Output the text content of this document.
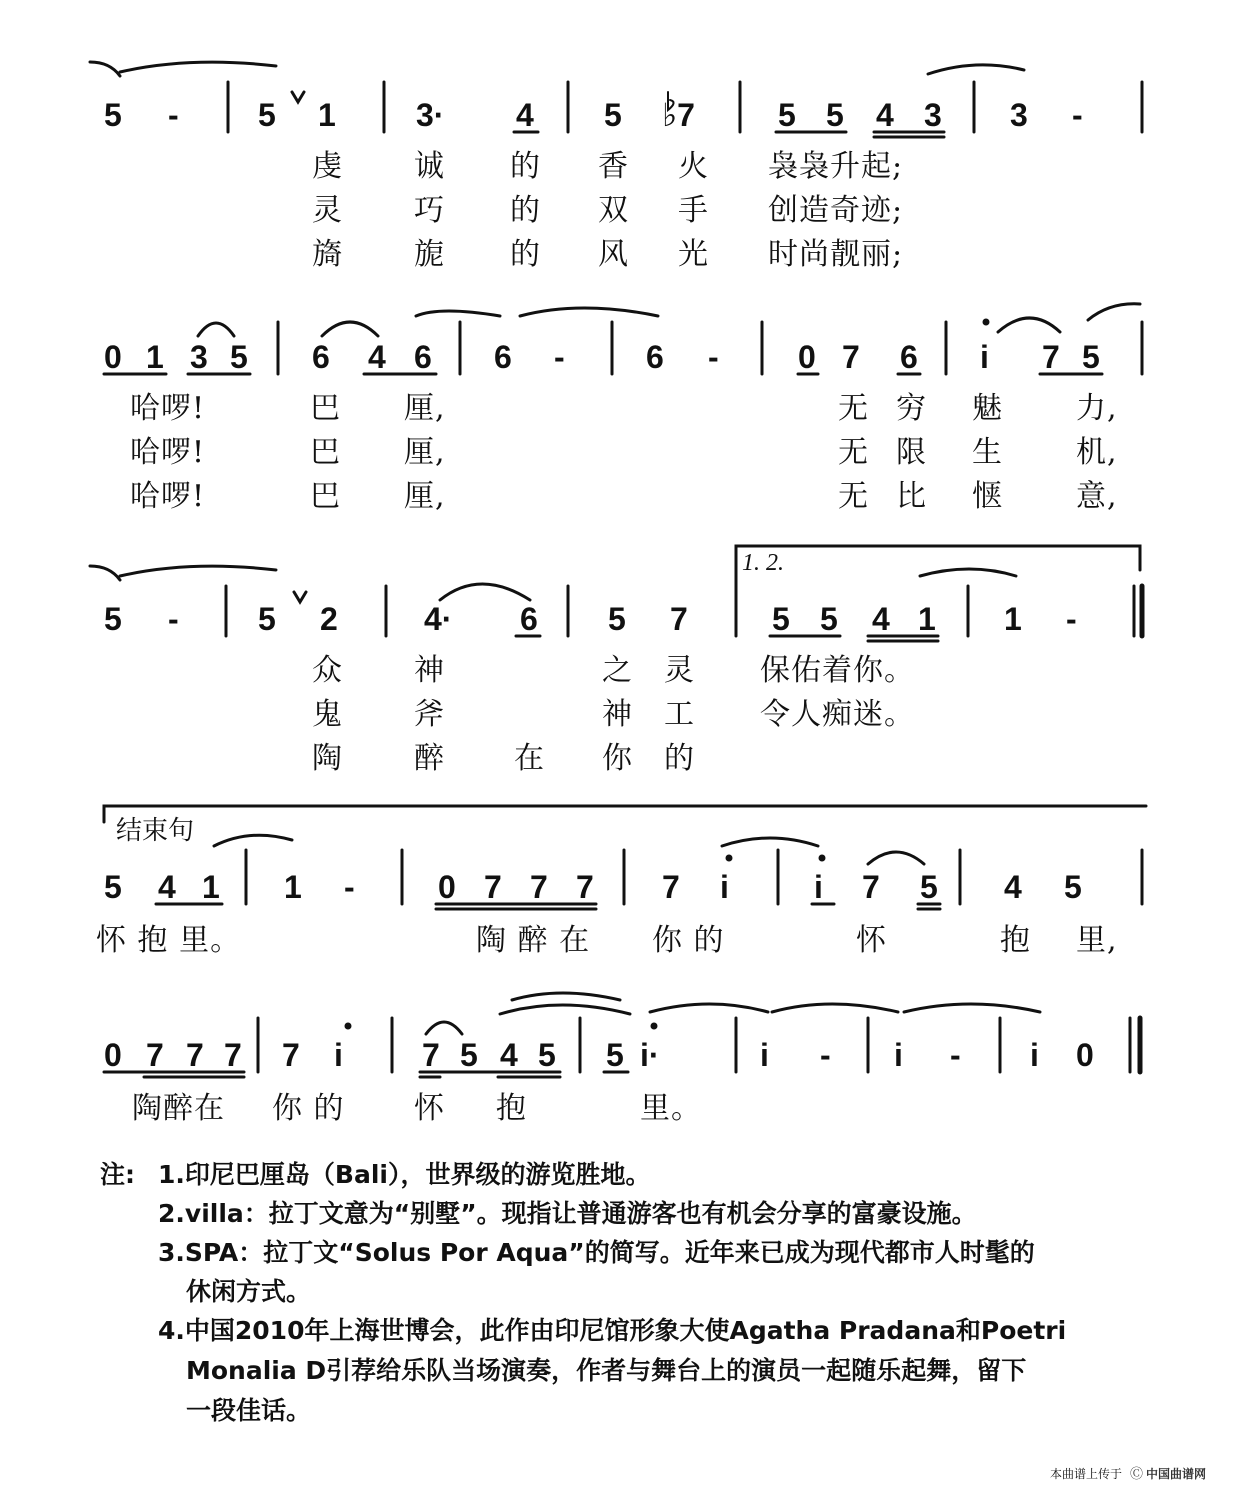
5 - 5 1	3· 4 5 ♭7	5 5 4 3 3 -
虔 诚 的 香 火 袅袅升起;
灵 巧 的 双 手 创造奇迹;
旖 旎 的 风 光 时尚靓丽;
0 1 3 5 6 4 6 6 -	6 - 0 7 6 i 7 5
哈啰!	巴 厘,	无 穷 魅 力,
哈啰!	巴 厘,	无 限 生 机,
哈啰!	巴 厘,	无 比 惬 意,
1. 2.
5 - 5 2	4· 6 5 7	5 5 4 1 1 -
众 神	之 灵 保佑着你。
鬼 斧	神 工 令人痴迷。
陶 醉 在 你 的
结束句
5 4 1 1 -	0 7 7 7 7 i	i 7 5 4 5
怀 抱 里。	陶 醉 在 你 的	怀	抱 里,
0 7 7 7 7 i 7 5 4 5 5 i·	i - i - i 0
陶醉在 你 的 怀 抱	里。
注: 1.印尼巴厘岛（Bali），世界级的游览胜地。
2.villa：拉丁文意为“别墅”。现指让普通游客也有机会分享的富豪设施。
3.SPA：拉丁文“Solus Por Aqua”的简写。近年来已成为现代都市人时髦的
休闲方式。
4.中国2010年上海世博会，此作由印尼馆形象大使Agatha Pradana和Poetri
Monalia D引荐给乐队当场演奏，作者与舞台上的演员一起随乐起舞，留下
一段佳话。
本曲谱上传于 Ⓒ 中国曲谱网
